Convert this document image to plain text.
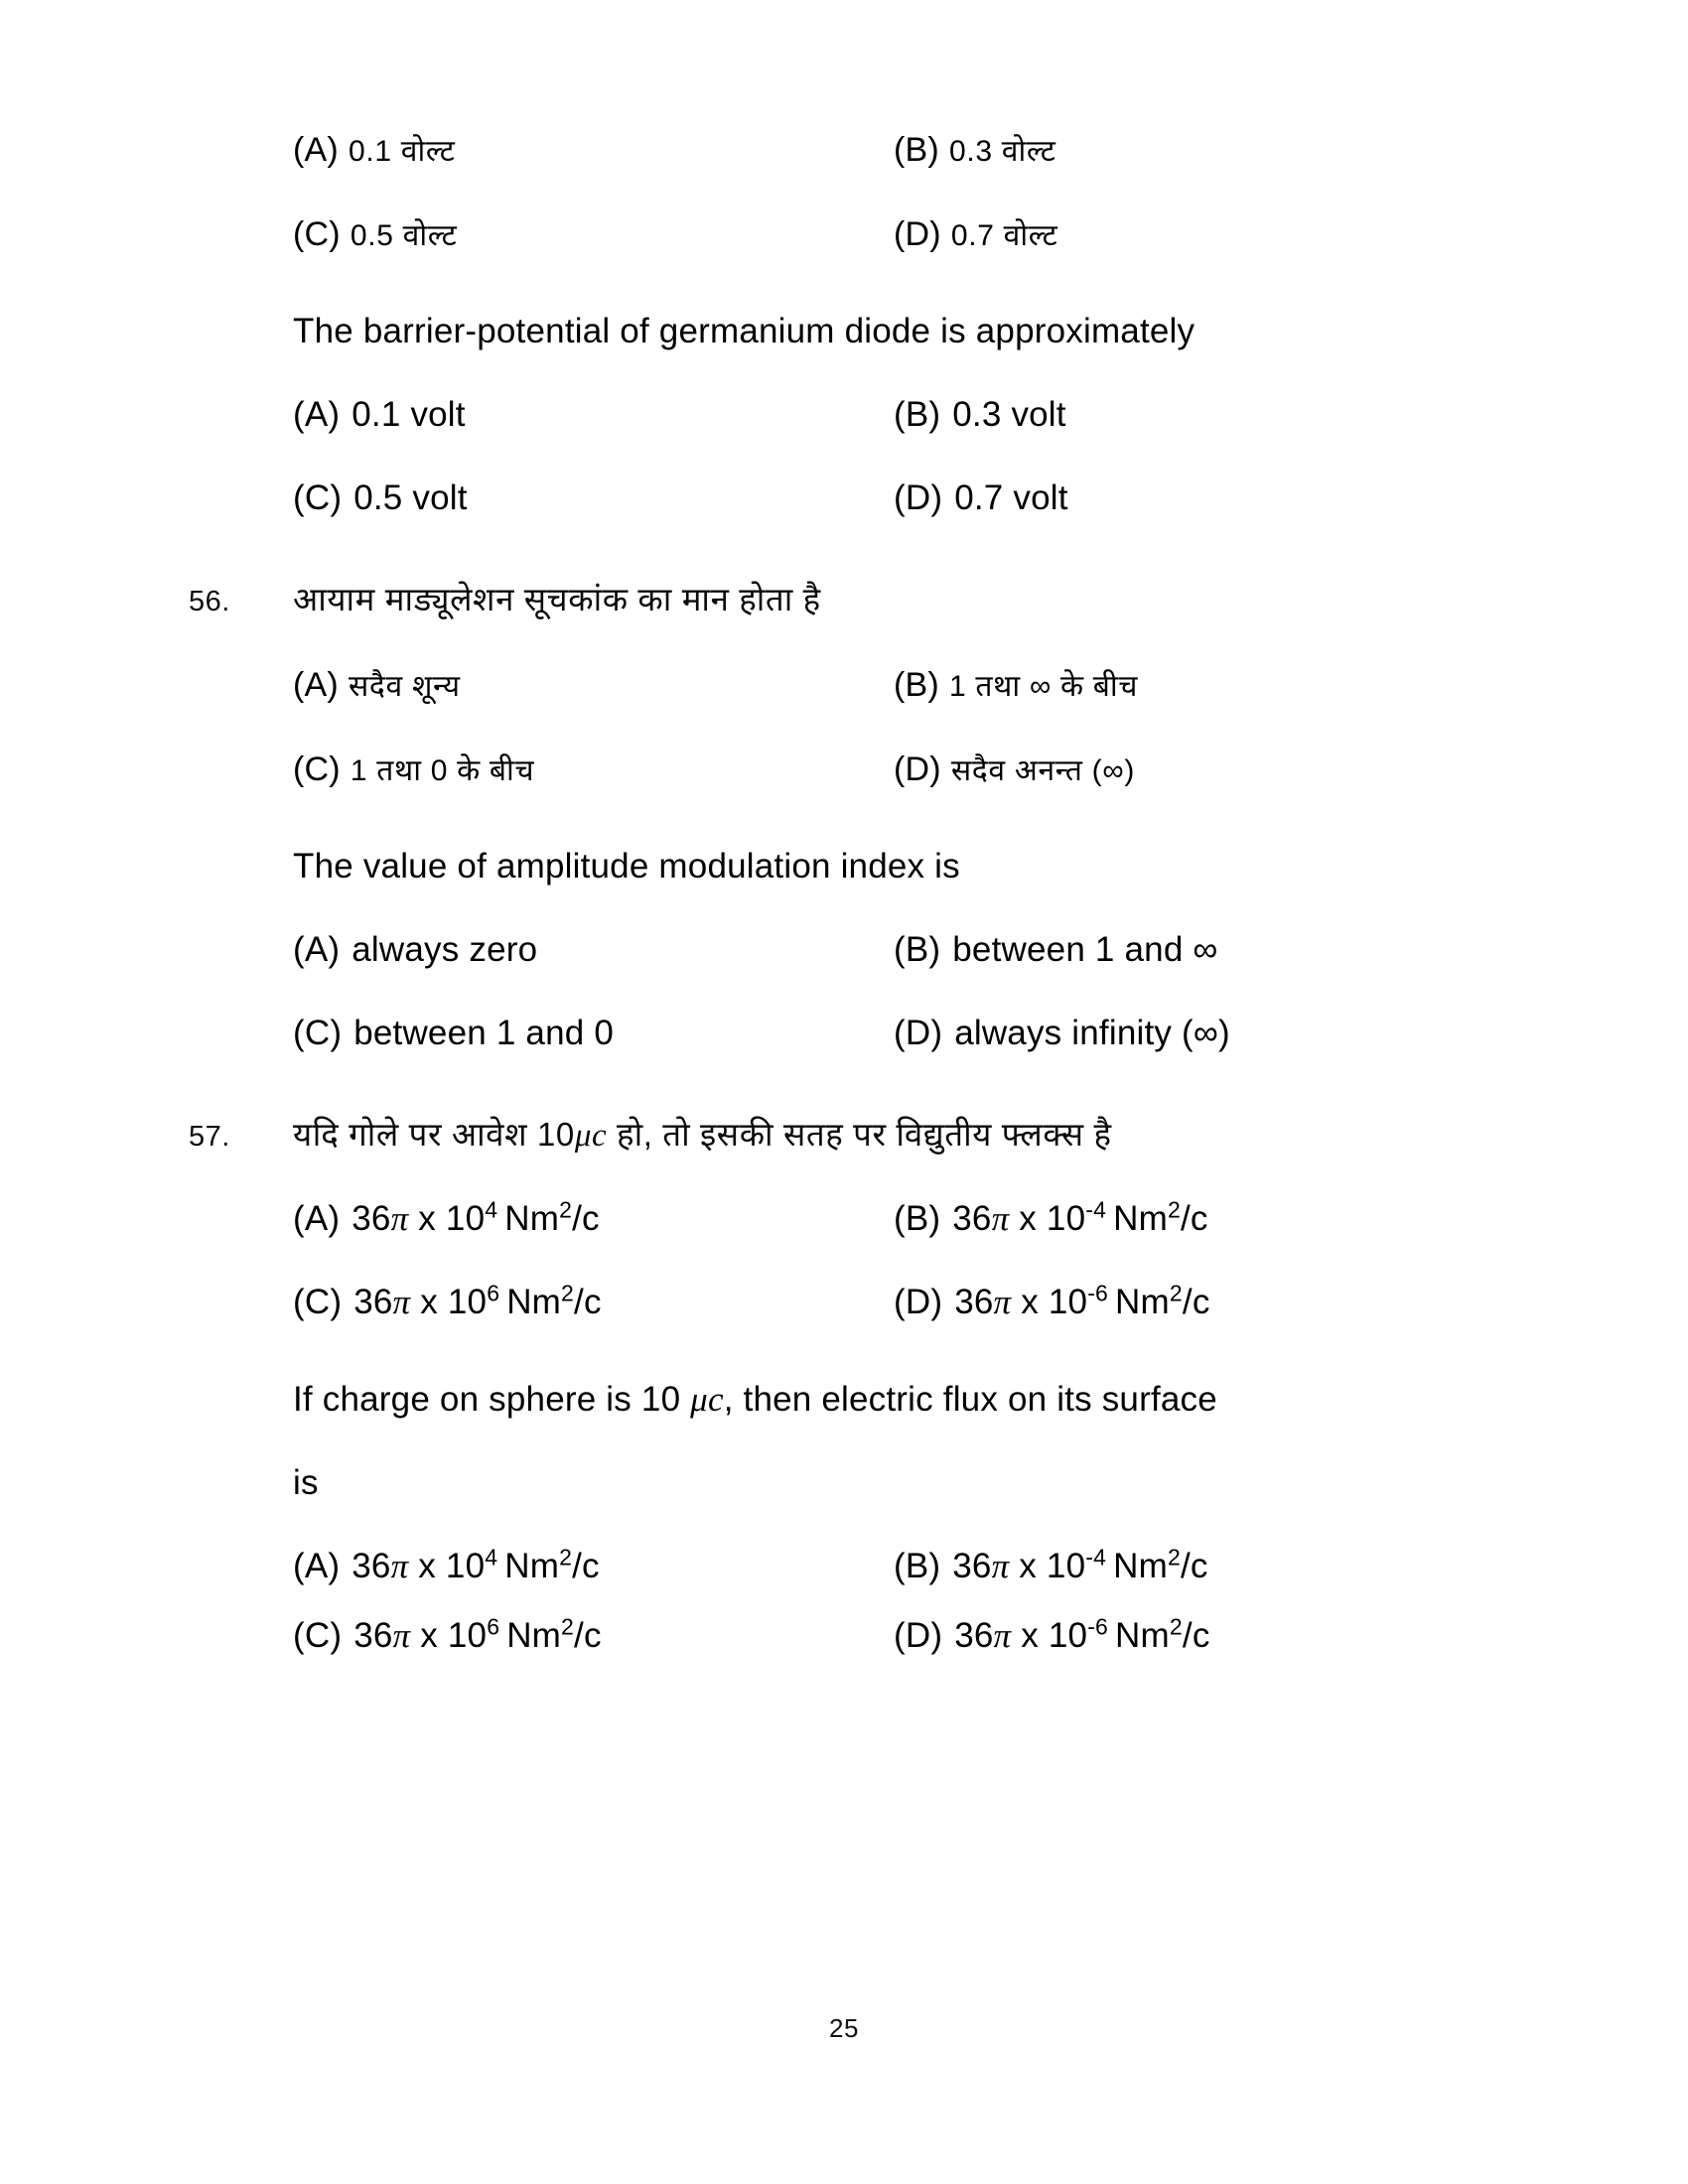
(A) 0.1 वोल्ट	(B) 0.3 वोल्ट
(C) 0.5 वोल्ट	(D) 0.7 वोल्ट
The barrier-potential of germanium diode is approximately
(A) 0.1 volt	(B) 0.3 volt
(C) 0.5 volt	(D) 0.7 volt
56.	आयाम माड्यूलेशन सूचकांक का मान होता है
(A) सदैव शून्य	(B) 1 तथा ∞ के बीच
(C) 1 तथा 0 के बीच	(D) सदैव अनन्त (∞)
The value of amplitude modulation index is
(A) always zero	(B) between 1 and ∞
(C) between 1 and 0	(D) always infinity (∞)
57.	यदि गोले पर आवेश 10μc हो, तो इसकी सतह पर विद्युतीय फ्लक्स है
(A) 36π x $10^4$ Nm$^2$/c	(B) 36π x $10^{-4}$ Nm$^2$/c
(C) 36π x $10^6$ Nm$^2$/c	(D) 36π x $10^{-6}$ Nm$^2$/c
If charge on sphere is 10 μc, then electric flux on its surface
is
(A) 36π x $10^4$ Nm$^2$/c	(B) 36π x $10^{-4}$ Nm$^2$/c
(C) 36π x $10^6$ Nm$^2$/c	(D) 36π x $10^{-6}$ Nm$^2$/c
25
